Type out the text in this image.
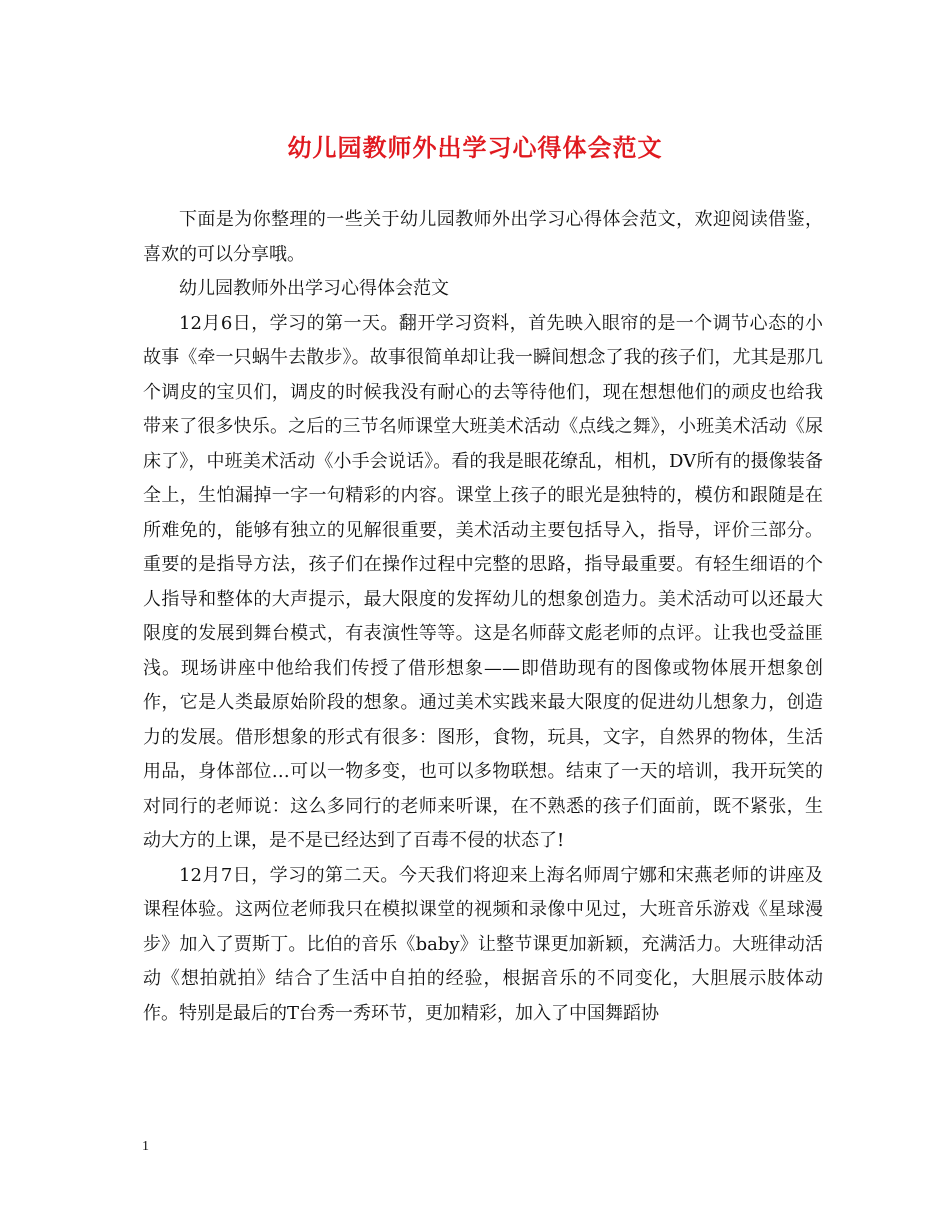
幼儿园教师外出学习心得体会范文

下面是为你整理的一些关于幼儿园教师外出学习心得体会范文，欢迎阅读借鉴，喜欢的可以分享哦。

幼儿园教师外出学习心得体会范文

12月6日，学习的第一天。翻开学习资料，首先映入眼帘的是一个调节心态的小故事《牵一只蜗牛去散步》。故事很简单却让我一瞬间想念了我的孩子们，尤其是那几个调皮的宝贝们，调皮的时候我没有耐心的去等待他们，现在想想他们的顽皮也给我带来了很多快乐。之后的三节名师课堂大班美术活动《点线之舞》，小班美术活动《尿床了》，中班美术活动《小手会说话》。看的我是眼花缭乱，相机，DV所有的摄像装备全上，生怕漏掉一字一句精彩的内容。课堂上孩子的眼光是独特的，模仿和跟随是在所难免的，能够有独立的见解很重要，美术活动主要包括导入，指导，评价三部分。重要的是指导方法，孩子们在操作过程中完整的思路，指导最重要。有轻生细语的个人指导和整体的大声提示，最大限度的发挥幼儿的想象创造力。美术活动可以还最大限度的发展到舞台模式，有表演性等等。这是名师薛文彪老师的点评。让我也受益匪浅。现场讲座中他给我们传授了借形想象——即借助现有的图像或物体展开想象创作，它是人类最原始阶段的想象。通过美术实践来最大限度的促进幼儿想象力，创造力的发展。借形想象的形式有很多：图形，食物，玩具，文字，自然界的物体，生活用品，身体部位…可以一物多变，也可以多物联想。结束了一天的培训，我开玩笑的对同行的老师说：这么多同行的老师来听课，在不熟悉的孩子们面前，既不紧张，生动大方的上课，是不是已经达到了百毒不侵的状态了!

12月7日，学习的第二天。今天我们将迎来上海名师周宁娜和宋燕老师的讲座及课程体验。这两位老师我只在模拟课堂的视频和录像中见过，大班音乐游戏《星球漫步》加入了贾斯丁。比伯的音乐《baby》让整节课更加新颖，充满活力。大班律动活动《想拍就拍》结合了生活中自拍的经验，根据音乐的不同变化，大胆展示肢体动作。特别是最后的T台秀一秀环节，更加精彩，加入了中国舞蹈协

1
